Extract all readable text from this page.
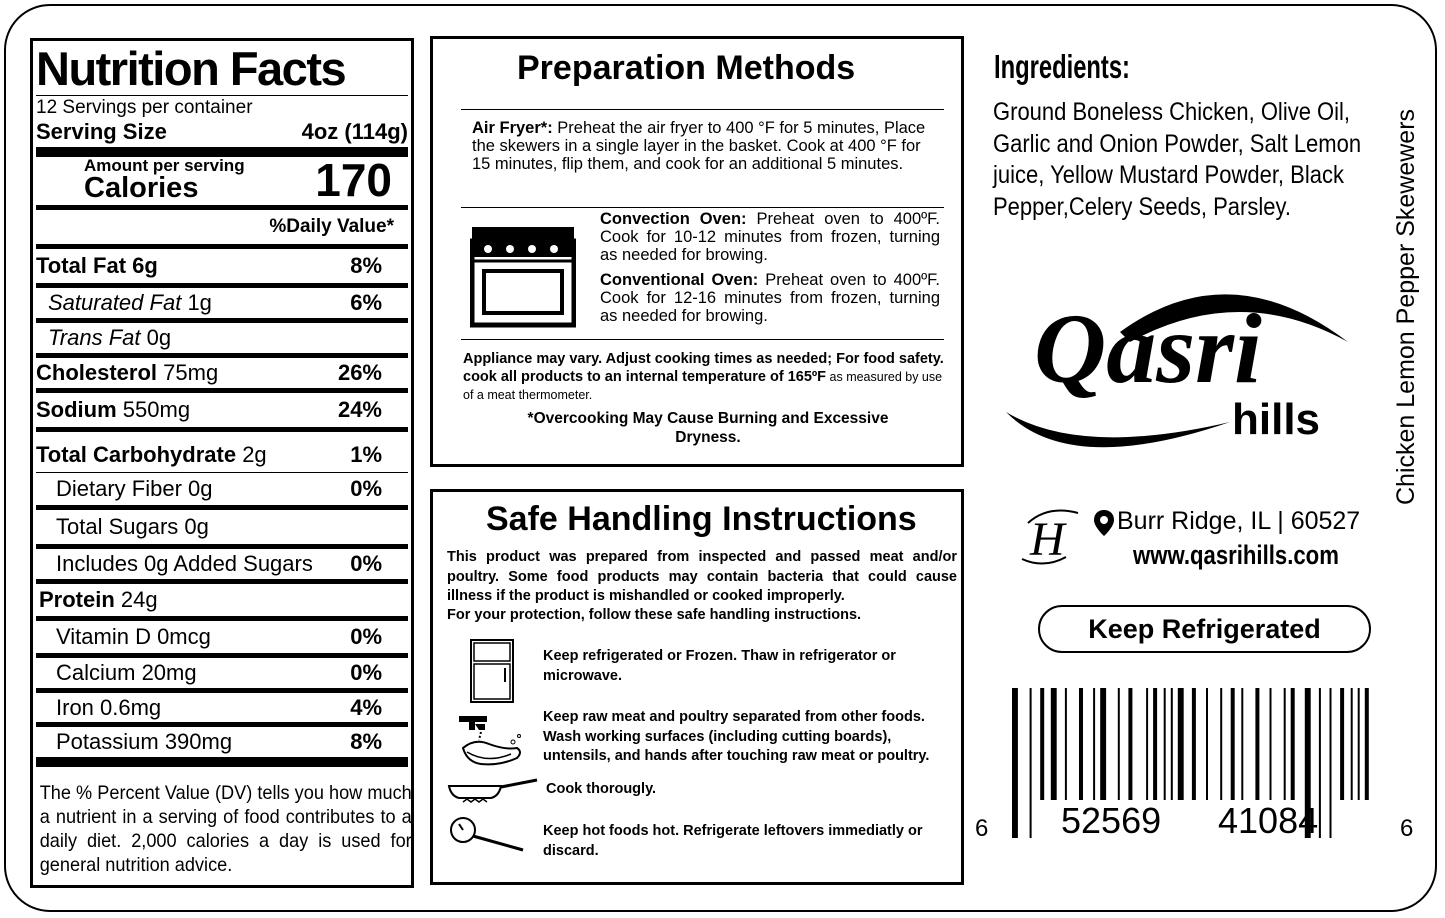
Nutrition Facts
12 Servings per container
Serving Size	4oz (114g)
Amount per serving
Calories	170
%Daily Value*
Total Fat 6g	8%
Saturated Fat 1g	6%
Trans Fat 0g
Cholesterol 75mg	26%
Sodium 550mg	24%
Total Carbohydrate 2g	1%
Dietary Fiber 0g	0%
Total Sugars 0g
Includes 0g Added Sugars 0%
Protein 24g
Vitamin D 0mcg	0%
Calcium 20mg	0%
Iron 0.6mg	4%
Potassium 390mg	8%
The % Percent Value (DV) tells you how much a nutrient in a serving of food contributes to a daily diet. 2,000 calories a day is used for general nutrition advice.
Preparation Methods
Air Fryer*: Preheat the air fryer to 400 °F for 5 minutes, Place the skewers in a single layer in the basket. Cook at 400 °F for 15 minutes, flip them, and cook for an additional 5 minutes.
Convection Oven: Preheat oven to 400ºF. Cook for 10-12 minutes from frozen, turning as needed for browing.
Conventional Oven: Preheat oven to 400ºF. Cook for 12-16 minutes from frozen, turning as needed for browing.
Appliance may vary. Adjust cooking times as needed; For food safety. cook all products to an internal temperature of 165ºF as measured by use of a meat thermometer.
*Overcooking May Cause Burning and Excessive Dryness.
Safe Handling Instructions
This product was prepared from inspected and passed meat and/or poultry. Some food products may contain bacteria that could cause illness if the product is mishandled or cooked improperly.
For your protection, follow these safe handling instructions.
Keep refrigerated or Frozen. Thaw in refrigerator or microwave.
Keep raw meat and poultry separated from other foods. Wash working surfaces (including cutting boards), untensils, and hands after touching raw meat or poultry.
Cook thorougly.
Keep hot foods hot. Refrigerate leftovers immediatly or discard.
Ingredients:
Ground Boneless Chicken, Olive Oil, Garlic and Onion Powder, Salt Lemon juice, Yellow Mustard Powder, Black Pepper,Celery Seeds, Parsley.	Chicken Lemon Pepper Skewewers
Qasri
hills
H Burr Ridge, IL | 60527
www.qasrihills.com
Keep Refrigerated
6 52569 41084	6
